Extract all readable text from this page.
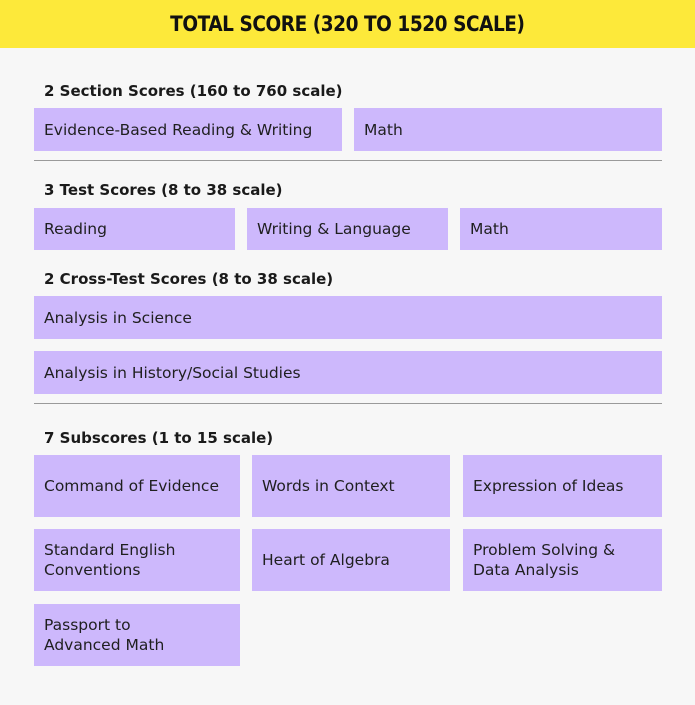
TOTAL SCORE (320 TO 1520 SCALE)
2 Section Scores (160 to 760 scale)
Evidence-Based Reading & Writing	Math
3 Test Scores (8 to 38 scale)
Reading	Writing & Language	Math
2 Cross-Test Scores (8 to 38 scale)
Analysis in Science
Analysis in History/Social Studies
7 Subscores (1 to 15 scale)
Command of Evidence	Words in Context	Expression of Ideas
Standard English
Conventions
Heart of Algebra
Problem Solving &
Data Analysis
Passport to
Advanced Math
